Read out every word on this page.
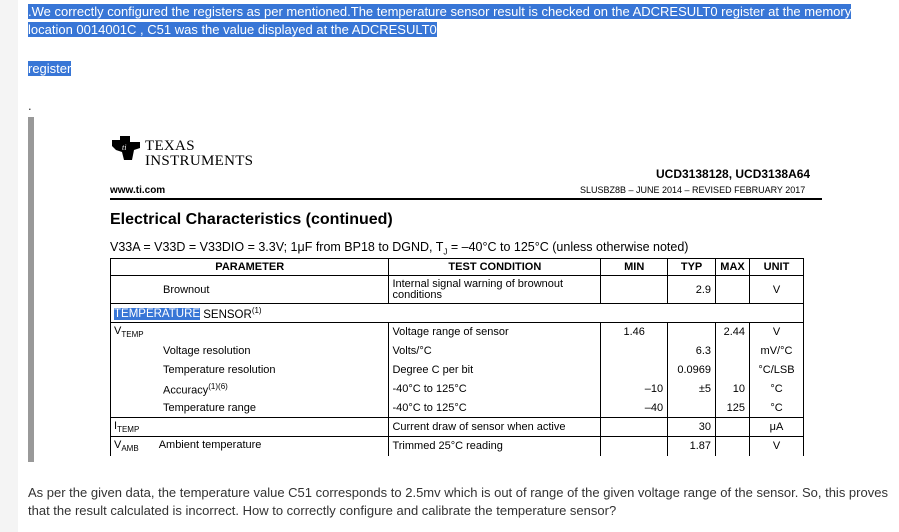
.We correctly configured the registers as per mentioned.The temperature sensor result is checked on the ADCRESULT0 register at the memory
location 0014001C , C51 was the value displayed at the ADCRESULT0
register
.
ti TEXAS
INSTRUMENTS
UCD3138128, UCD3138A64
www.ti.com	SLUSBZ8B – JUNE 2014 – REVISED FEBRUARY 2017
Electrical Characteristics (continued)
V33A = V33D = V33DIO = 3.3V; 1μF from BP18 to DGND, $T_J = -40^\circ C$ to 125°C (unless otherwise noted)
PARAMETER	TEST CONDITION	MIN	TYP	MAX	UNIT
Brownout	Internal signal warning of brownout conditions		2.9		V
TEMPERATURE SENSOR$^{(1)}$
$V_{TEMP}$	Voltage range of sensor	1.46		2.44	V
Voltage resolution	Volts/°C		6.3		mV/°C
Temperature resolution	Degree C per bit		0.0969		°C/LSB
Accuracy$^{(1)(6)}$	-40°C to 125°C	–10	±5	10	°C
Temperature range	-40°C to 125°C	–40		125	°C
$I_{TEMP}$	Current draw of sensor when active		30		μA
$V_{AMB}$ Ambient temperature	Trimmed 25°C reading		1.87		V
As per the given data, the temperature value C51 corresponds to 2.5mv which is out of range of the given voltage range of the sensor. So, this proves that the result calculated is incorrect. How to correctly configure and calibrate the temperature sensor?
